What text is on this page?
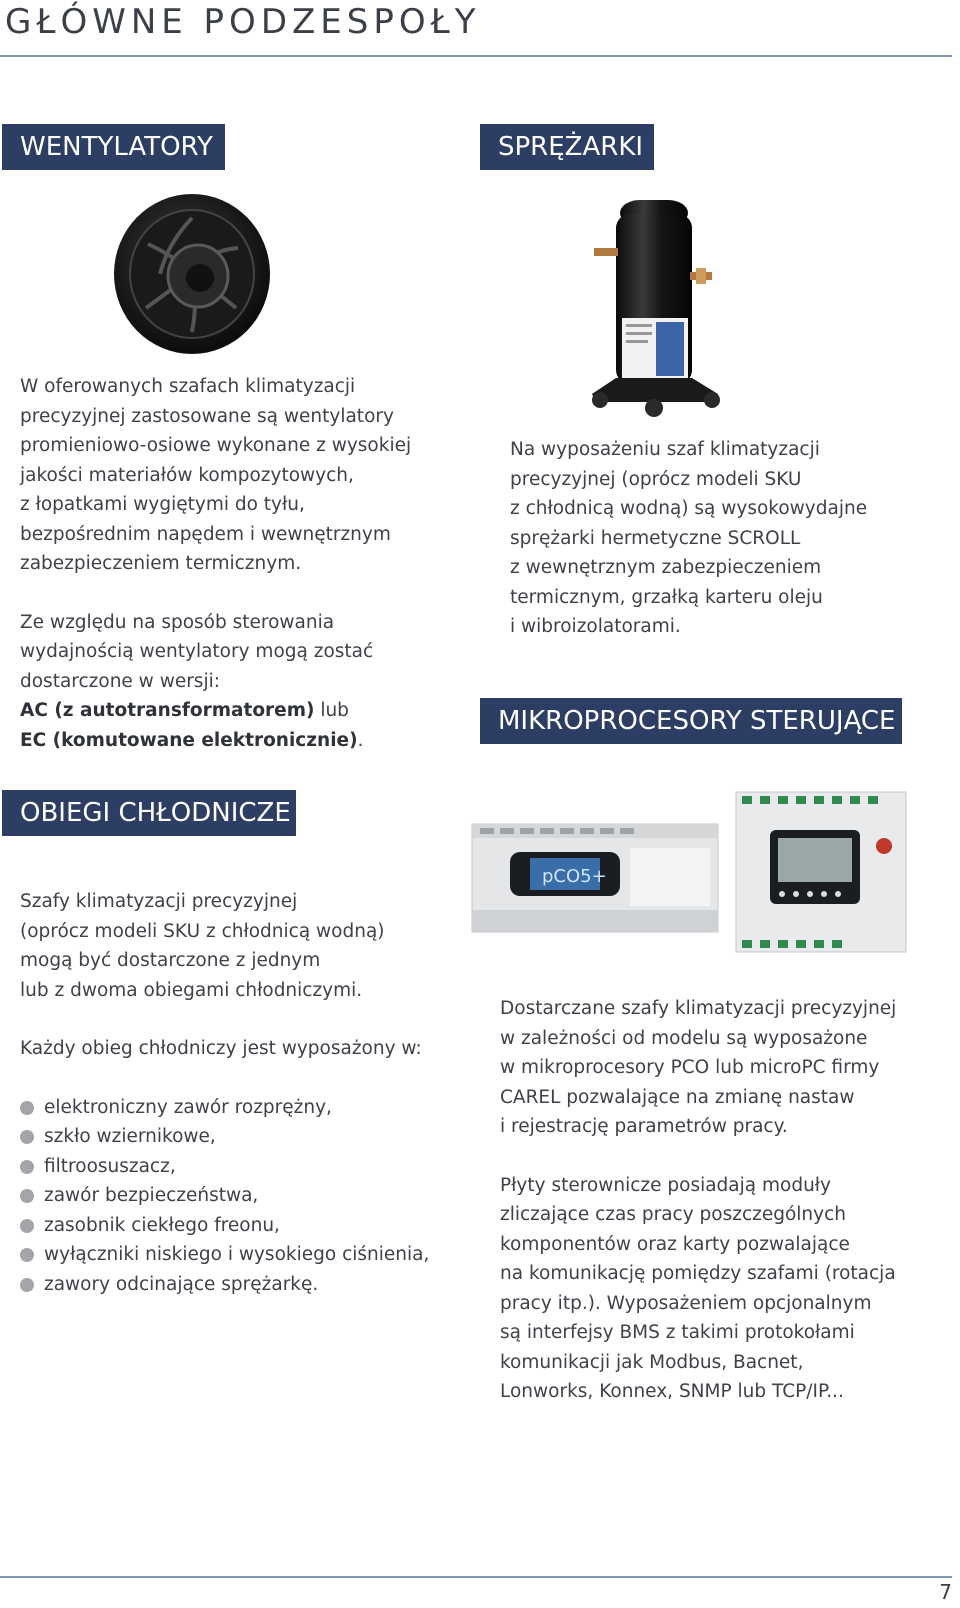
GŁÓWNE PODZESPOŁY
WENTYLATORY

W oferowanych szafach klimatyzacji
precyzyjnej zastosowane są wentylatory
promieniowo-osiowe wykonane z wysokiej
jakości materiałów kompozytowych,
z łopatkami wygiętymi do tyłu,
bezpośrednim napędem i wewnętrznym
zabezpieczeniem termicznym.

Ze względu na sposób sterowania
wydajnością wentylatory mogą zostać
dostarczone w wersji:
AC (z autotransformatorem) lub
EC (komutowane elektronicznie).

SPRĘŻARKI

Na wyposażeniu szaf klimatyzacji
precyzyjnej (oprócz modeli SKU
z chłodnicą wodną) są wysokowydajne
sprężarki hermetyczne SCROLL
z wewnętrznym zabezpieczeniem
termicznym, grzałką karteru oleju
i wibroizolatorami.

MIKROPROCESORY STERUJĄCE
pCO5+

Dostarczane szafy klimatyzacji precyzyjnej
w zależności od modelu są wyposażone
w mikroprocesory PCO lub microPC firmy
CAREL pozwalające na zmianę nastaw
i rejestrację parametrów pracy.

Płyty sterownicze posiadają moduły
zliczające czas pracy poszczególnych
komponentów oraz karty pozwalające
na komunikację pomiędzy szafami (rotacja
pracy itp.). Wyposażeniem opcjonalnym
są interfejsy BMS z takimi protokołami
komunikacji jak Modbus, Bacnet,
Lonworks, Konnex, SNMP lub TCP/IP...

OBIEGI CHŁODNICZE

Szafy klimatyzacji precyzyjnej
(oprócz modeli SKU z chłodnicą wodną)
mogą być dostarczone z jednym
lub z dwoma obiegami chłodniczymi.

Każdy obieg chłodniczy jest wyposażony w:

elektroniczny zawór rozprężny,
szkło wziernikowe,
filtroosuszacz,
zawór bezpieczeństwa,
zasobnik ciekłego freonu,
wyłączniki niskiego i wysokiego ciśnienia,
zawory odcinające sprężarkę.
7
